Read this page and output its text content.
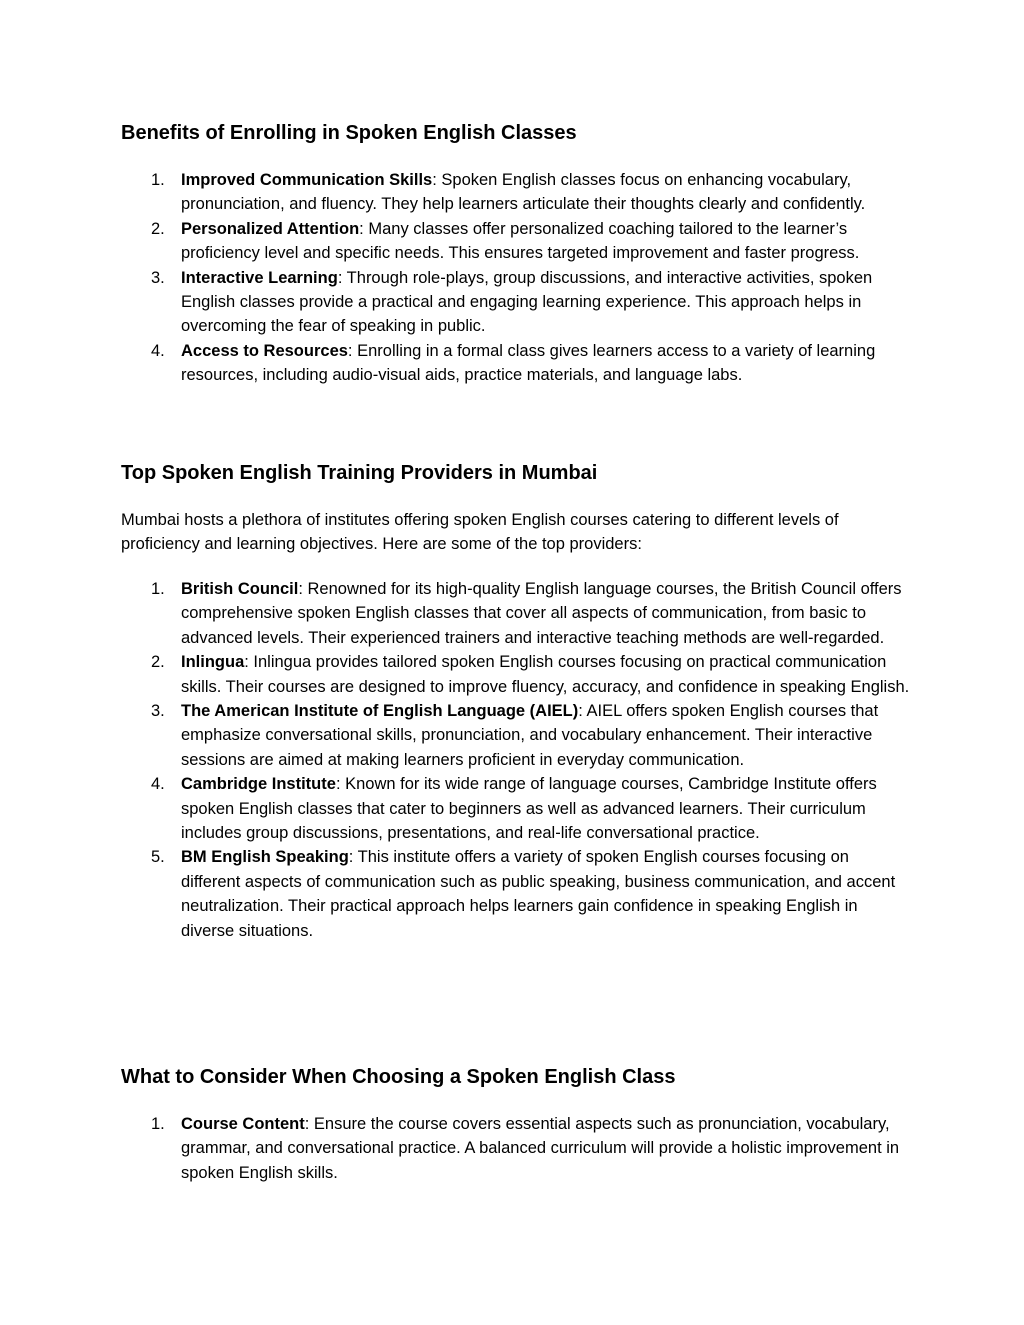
Benefits of Enrolling in Spoken English Classes
1. Improved Communication Skills: Spoken English classes focus on enhancing vocabulary, pronunciation, and fluency. They help learners articulate their thoughts clearly and confidently.
2. Personalized Attention: Many classes offer personalized coaching tailored to the learner’s proficiency level and specific needs. This ensures targeted improvement and faster progress.
3. Interactive Learning: Through role-plays, group discussions, and interactive activities, spoken English classes provide a practical and engaging learning experience. This approach helps in overcoming the fear of speaking in public.
4. Access to Resources: Enrolling in a formal class gives learners access to a variety of learning resources, including audio-visual aids, practice materials, and language labs.
Top Spoken English Training Providers in Mumbai

Mumbai hosts a plethora of institutes offering spoken English courses catering to different levels of proficiency and learning objectives. Here are some of the top providers:

1. British Council: Renowned for its high-quality English language courses, the British Council offers comprehensive spoken English classes that cover all aspects of communication, from basic to advanced levels. Their experienced trainers and interactive teaching methods are well-regarded.
2. Inlingua: Inlingua provides tailored spoken English courses focusing on practical communication skills. Their courses are designed to improve fluency, accuracy, and confidence in speaking English.
3. The American Institute of English Language (AIEL): AIEL offers spoken English courses that emphasize conversational skills, pronunciation, and vocabulary enhancement. Their interactive sessions are aimed at making learners proficient in everyday communication.
4. Cambridge Institute: Known for its wide range of language courses, Cambridge Institute offers spoken English classes that cater to beginners as well as advanced learners. Their curriculum includes group discussions, presentations, and real-life conversational practice.
5. BM English Speaking: This institute offers a variety of spoken English courses focusing on different aspects of communication such as public speaking, business communication, and accent neutralization. Their practical approach helps learners gain confidence in speaking English in diverse situations.
What to Consider When Choosing a Spoken English Class
1. Course Content: Ensure the course covers essential aspects such as pronunciation, vocabulary, grammar, and conversational practice. A balanced curriculum will provide a holistic improvement in spoken English skills.
